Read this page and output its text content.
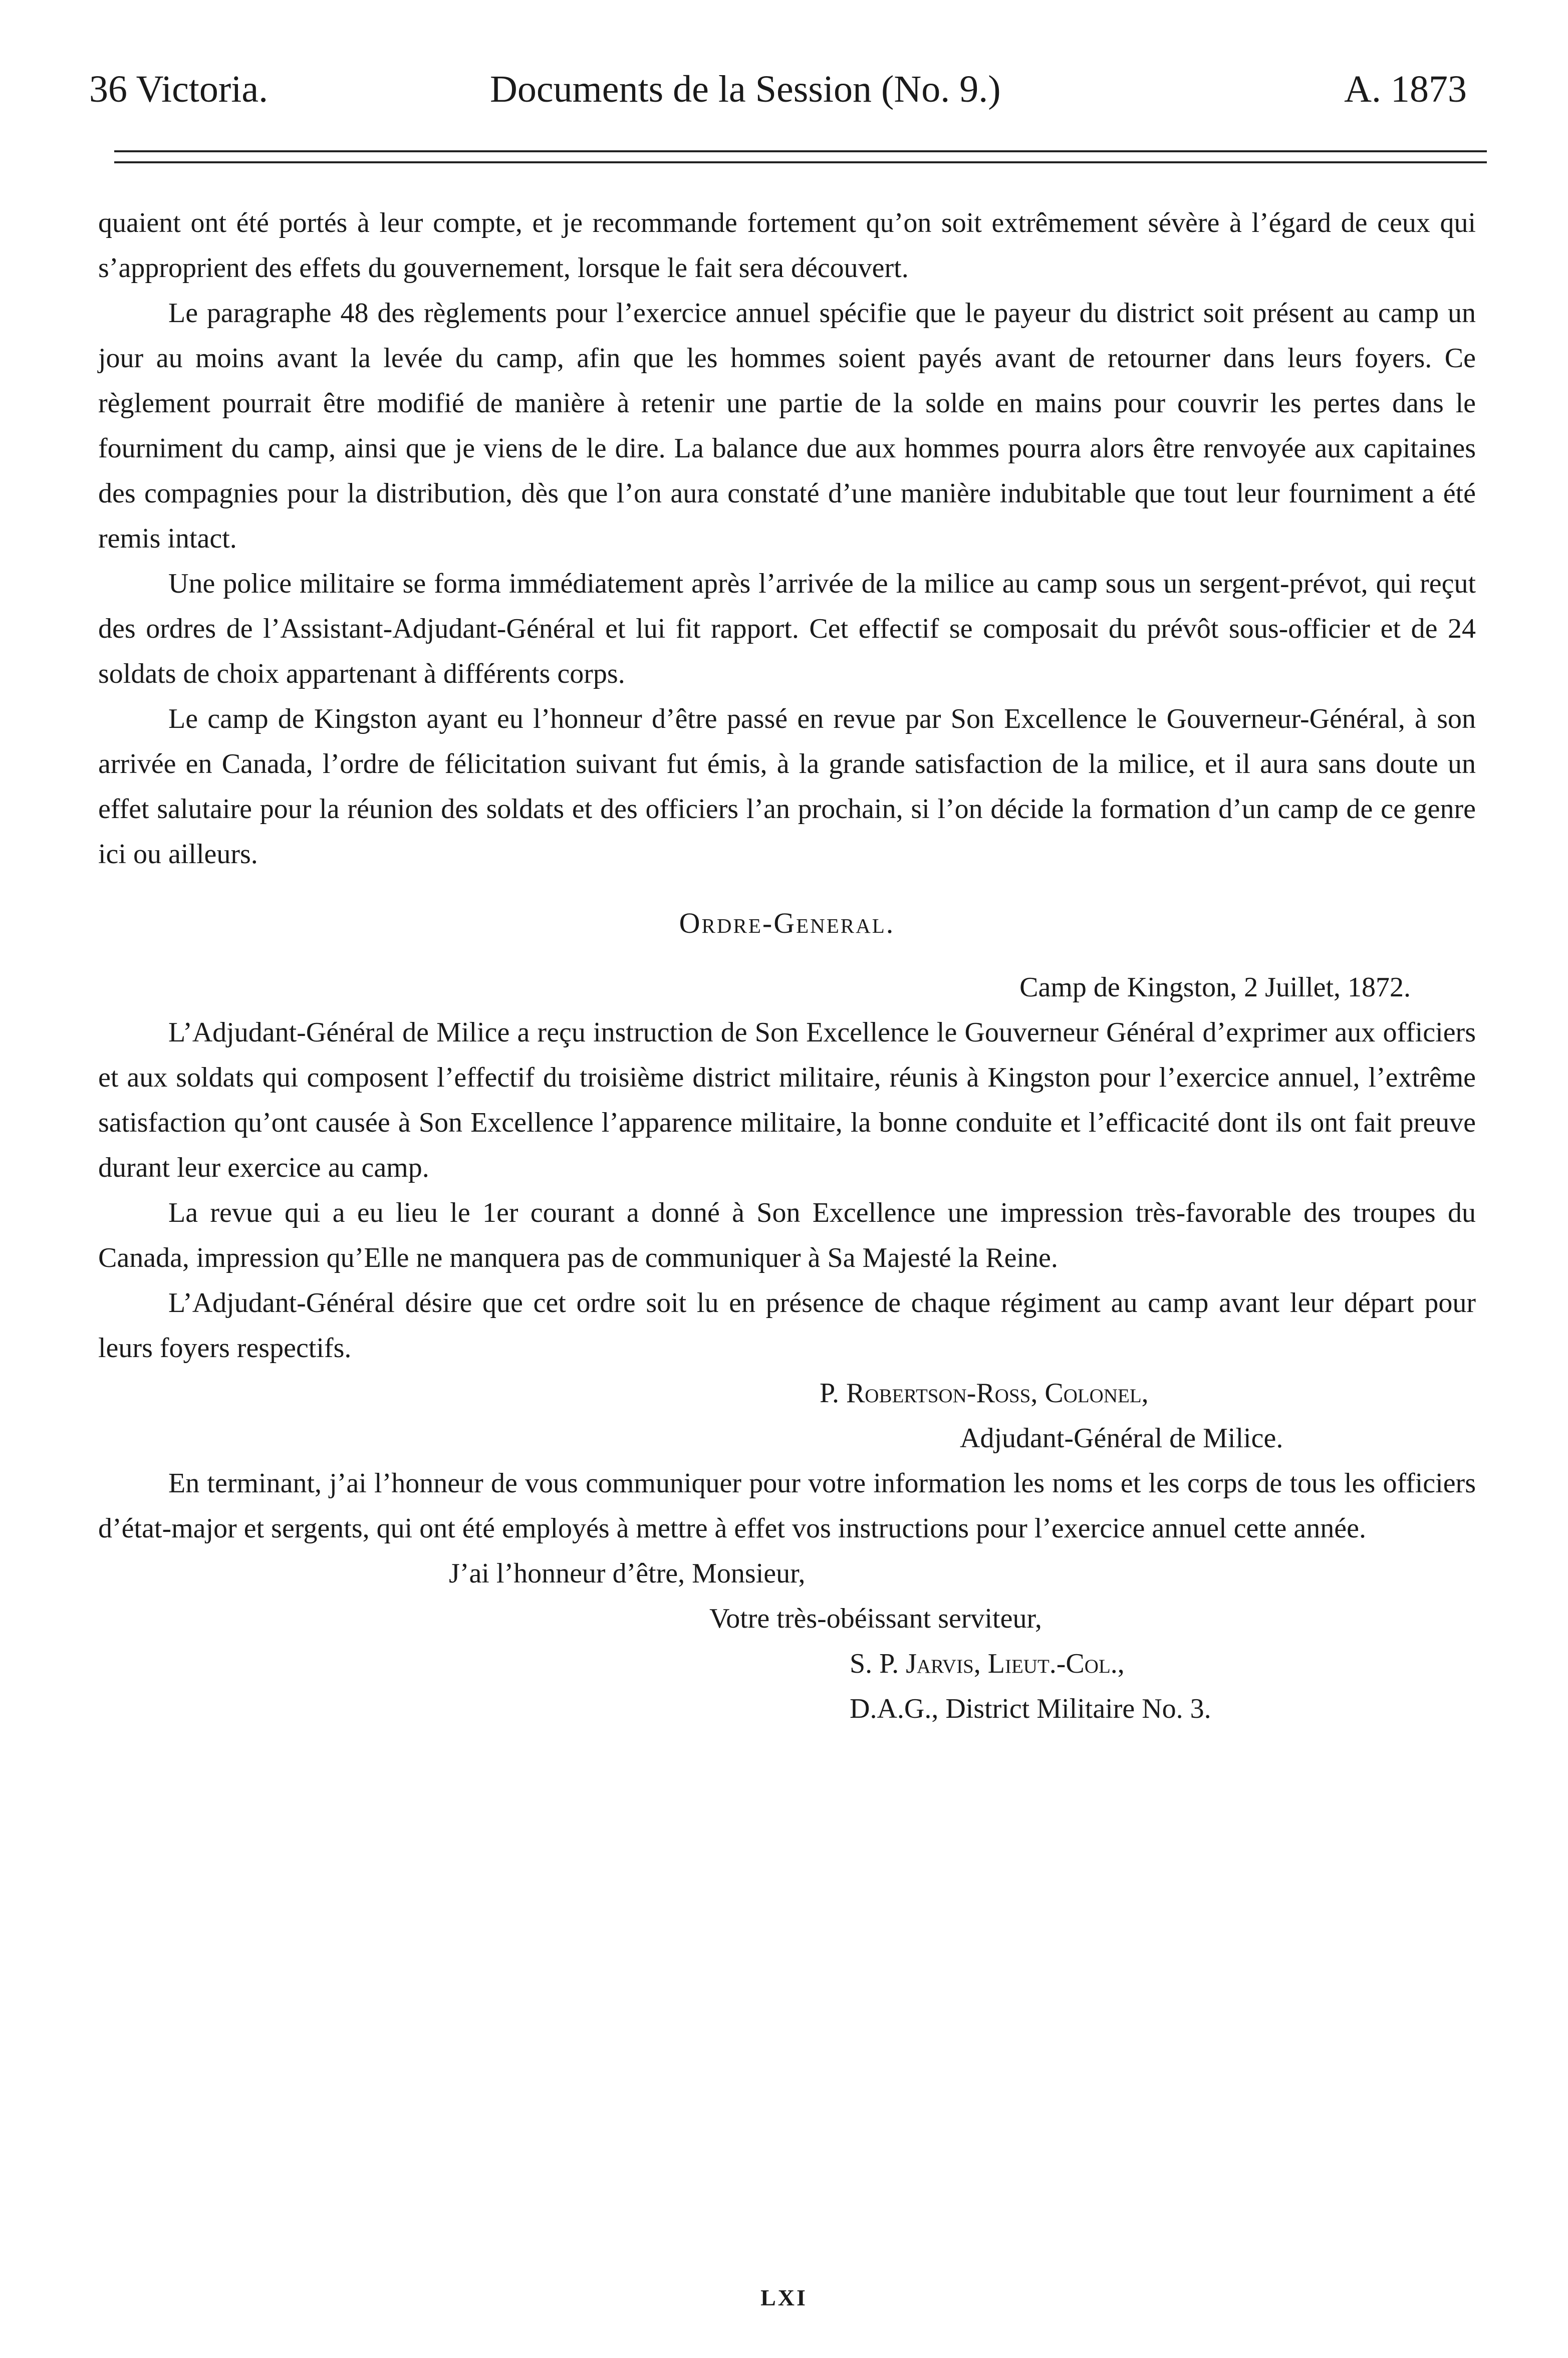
36 Victoria.	Documents de la Session (No. 9.)	A. 1873

quaient ont été portés à leur compte, et je recommande fortement qu’on soit extrêmement sévère à l’égard de ceux qui s’approprient des effets du gouvernement, lorsque le fait sera découvert.

Le paragraphe 48 des règlements pour l’exercice annuel spécifie que le payeur du district soit présent au camp un jour au moins avant la levée du camp, afin que les hommes soient payés avant de retourner dans leurs foyers. Ce règlement pourrait être modifié de manière à retenir une partie de la solde en mains pour couvrir les pertes dans le fourniment du camp, ainsi que je viens de le dire. La balance due aux hommes pourra alors être renvoyée aux capitaines des compagnies pour la distribution, dès que l’on aura constaté d’une manière indubitable que tout leur fourniment a été remis intact.

Une police militaire se forma immédiatement après l’arrivée de la milice au camp sous un sergent-prévot, qui reçut des ordres de l’Assistant-Adjudant-Général et lui fit rapport. Cet effectif se composait du prévôt sous-officier et de 24 soldats de choix appartenant à différents corps.

Le camp de Kingston ayant eu l’honneur d’être passé en revue par Son Excellence le Gouverneur-Général, à son arrivée en Canada, l’ordre de félicitation suivant fut émis, à la grande satisfaction de la milice, et il aura sans doute un effet salutaire pour la réunion des soldats et des officiers l’an prochain, si l’on décide la formation d’un camp de ce genre ici ou ailleurs.

Ordre-General.

Camp de Kingston, 2 Juillet, 1872.

L’Adjudant-Général de Milice a reçu instruction de Son Excellence le Gouverneur Général d’exprimer aux officiers et aux soldats qui composent l’effectif du troisième district militaire, réunis à Kingston pour l’exercice annuel, l’extrême satisfaction qu’ont causée à Son Excellence l’apparence militaire, la bonne conduite et l’efficacité dont ils ont fait preuve durant leur exercice au camp.

La revue qui a eu lieu le 1er courant a donné à Son Excellence une impression très-favorable des troupes du Canada, impression qu’Elle ne manquera pas de communiquer à Sa Majesté la Reine.

L’Adjudant-Général désire que cet ordre soit lu en présence de chaque régiment au camp avant leur départ pour leurs foyers respectifs.

P. Robertson-Ross, Colonel,

Adjudant-Général de Milice.

En terminant, j’ai l’honneur de vous communiquer pour votre information les noms et les corps de tous les officiers d’état-major et sergents, qui ont été employés à mettre à effet vos instructions pour l’exercice annuel cette année.

J’ai l’honneur d’être, Monsieur,

Votre très-obéissant serviteur,

S. P. Jarvis, Lieut.-Col.,

D.A.G., District Militaire No. 3.

LXI
